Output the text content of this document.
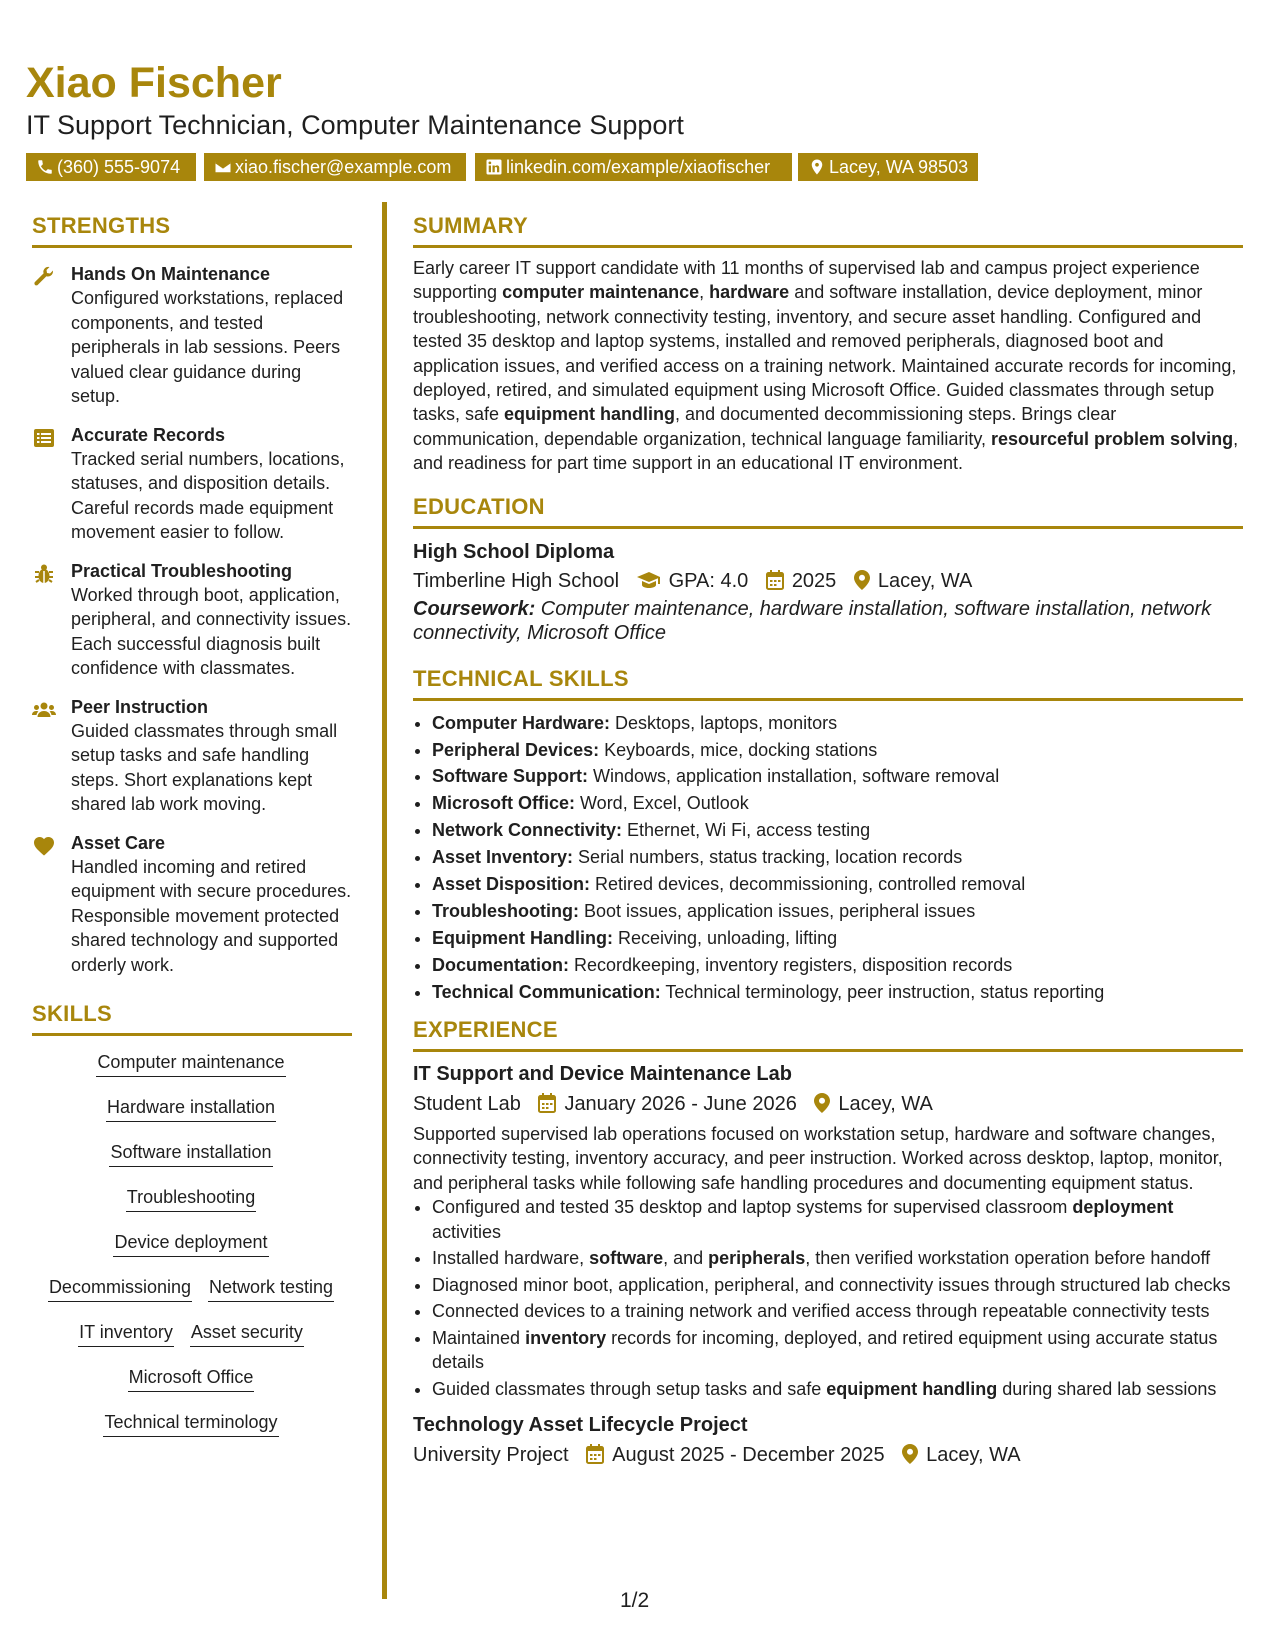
Xiao Fischer
IT Support Technician, Computer Maintenance Support
(360) 555-9074	xiao.fischer@example.com	linkedin.com/example/xiaofischer	Lacey, WA 98503
STRENGTHS
Hands On Maintenance
Configured workstations, replaced components, and tested peripherals in lab sessions. Peers valued clear guidance during setup.
Accurate Records
Tracked serial numbers, locations, statuses, and disposition details. Careful records made equipment movement easier to follow.
Practical Troubleshooting
Worked through boot, application, peripheral, and connectivity issues. Each successful diagnosis built confidence with classmates.
Peer Instruction
Guided classmates through small setup tasks and safe handling steps. Short explanations kept shared lab work moving.
Asset Care
Handled incoming and retired equipment with secure procedures. Responsible movement protected shared technology and supported orderly work.
SKILLS
Computer maintenance
Hardware installation
Software installation
Troubleshooting
Device deployment
Decommissioning Network testing
IT inventory Asset security
Microsoft Office
Technical terminology
SUMMARY
Early career IT support candidate with 11 months of supervised lab and campus project experience supporting computer maintenance, hardware and software installation, device deployment, minor troubleshooting, network connectivity testing, inventory, and secure asset handling. Configured and tested 35 desktop and laptop systems, installed and removed peripherals, diagnosed boot and application issues, and verified access on a training network. Maintained accurate records for incoming, deployed, retired, and simulated equipment using Microsoft Office. Guided classmates through setup tasks, safe equipment handling, and documented decommissioning steps. Brings clear communication, dependable organization, technical language familiarity, resourceful problem solving, and readiness for part time support in an educational IT environment.
EDUCATION
High School Diploma
Timberline High School GPA: 4.0 2025 Lacey, WA
Coursework: Computer maintenance, hardware installation, software installation, network connectivity, Microsoft Office
TECHNICAL SKILLS
• Computer Hardware: Desktops, laptops, monitors
• Peripheral Devices: Keyboards, mice, docking stations
• Software Support: Windows, application installation, software removal
• Microsoft Office: Word, Excel, Outlook
• Network Connectivity: Ethernet, Wi Fi, access testing
• Asset Inventory: Serial numbers, status tracking, location records
• Asset Disposition: Retired devices, decommissioning, controlled removal
• Troubleshooting: Boot issues, application issues, peripheral issues
• Equipment Handling: Receiving, unloading, lifting
• Documentation: Recordkeeping, inventory registers, disposition records
• Technical Communication: Technical terminology, peer instruction, status reporting
EXPERIENCE
IT Support and Device Maintenance Lab
Student Lab January 2026 - June 2026 Lacey, WA
Supported supervised lab operations focused on workstation setup, hardware and software changes, connectivity testing, inventory accuracy, and peer instruction. Worked across desktop, laptop, monitor, and peripheral tasks while following safe handling procedures and documenting equipment status.
• Configured and tested 35 desktop and laptop systems for supervised classroom deployment activities
• Installed hardware, software, and peripherals, then verified workstation operation before handoff
• Diagnosed minor boot, application, peripheral, and connectivity issues through structured lab checks
• Connected devices to a training network and verified access through repeatable connectivity tests
• Maintained inventory records for incoming, deployed, and retired equipment using accurate status details
• Guided classmates through setup tasks and safe equipment handling during shared lab sessions
Technology Asset Lifecycle Project
University Project August 2025 - December 2025 Lacey, WA
1/2
